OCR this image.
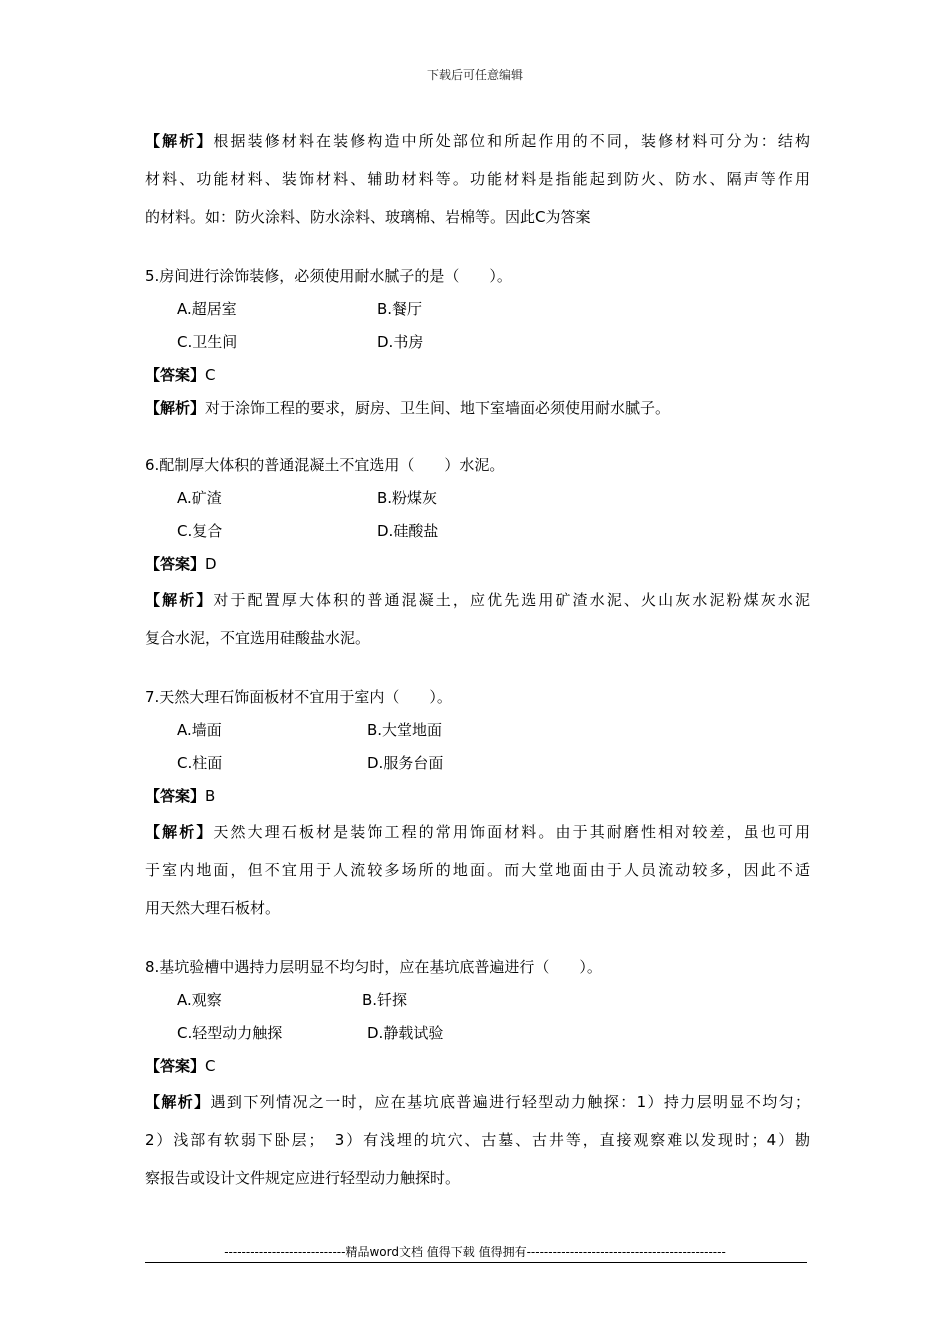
下载后可任意编辑
【解析】根据装修材料在装修构造中所处部位和所起作用的不同，装修材料可分为：结构
材料、功能材料、装饰材料、辅助材料等。功能材料是指能起到防火、防水、隔声等作用
的材料。如：防火涂料、防水涂料、玻璃棉、岩棉等。因此C为答案
5.房间进行涂饰装修，必须使用耐水腻子的是（　　）。
A.超居室	B.餐厅
C.卫生间	D.书房
【答案】C
【解析】对于涂饰工程的要求，厨房、卫生间、地下室墙面必须使用耐水腻子。
6.配制厚大体积的普通混凝土不宜选用（　　）水泥。
A.矿渣	B.粉煤灰
C.复合	D.硅酸盐
【答案】D
【解析】对于配置厚大体积的普通混凝土，应优先选用矿渣水泥、火山灰水泥粉煤灰水泥
复合水泥，不宜选用硅酸盐水泥。
7.天然大理石饰面板材不宜用于室内（　　）。
A.墙面	B.大堂地面
C.柱面	D.服务台面
【答案】B
【解析】天然大理石板材是装饰工程的常用饰面材料。由于其耐磨性相对较差，虽也可用
于室内地面，但不宜用于人流较多场所的地面。而大堂地面由于人员流动较多，因此不适
用天然大理石板材。
8.基坑验槽中遇持力层明显不均匀时，应在基坑底普遍进行（　　）。
A.观察	B.钎探
C.轻型动力触探	D.静载试验
【答案】C
【解析】遇到下列情况之一时，应在基坑底普遍进行轻型动力触探：1）持力层明显不均匀；
2）浅部有软弱下卧层；　3）有浅埋的坑穴、古墓、古井等，直接观察难以发现时；4）勘
察报告或设计文件规定应进行轻型动力触探时。
----------------------------精品word文档 值得下载 值得拥有----------------------------------------------
